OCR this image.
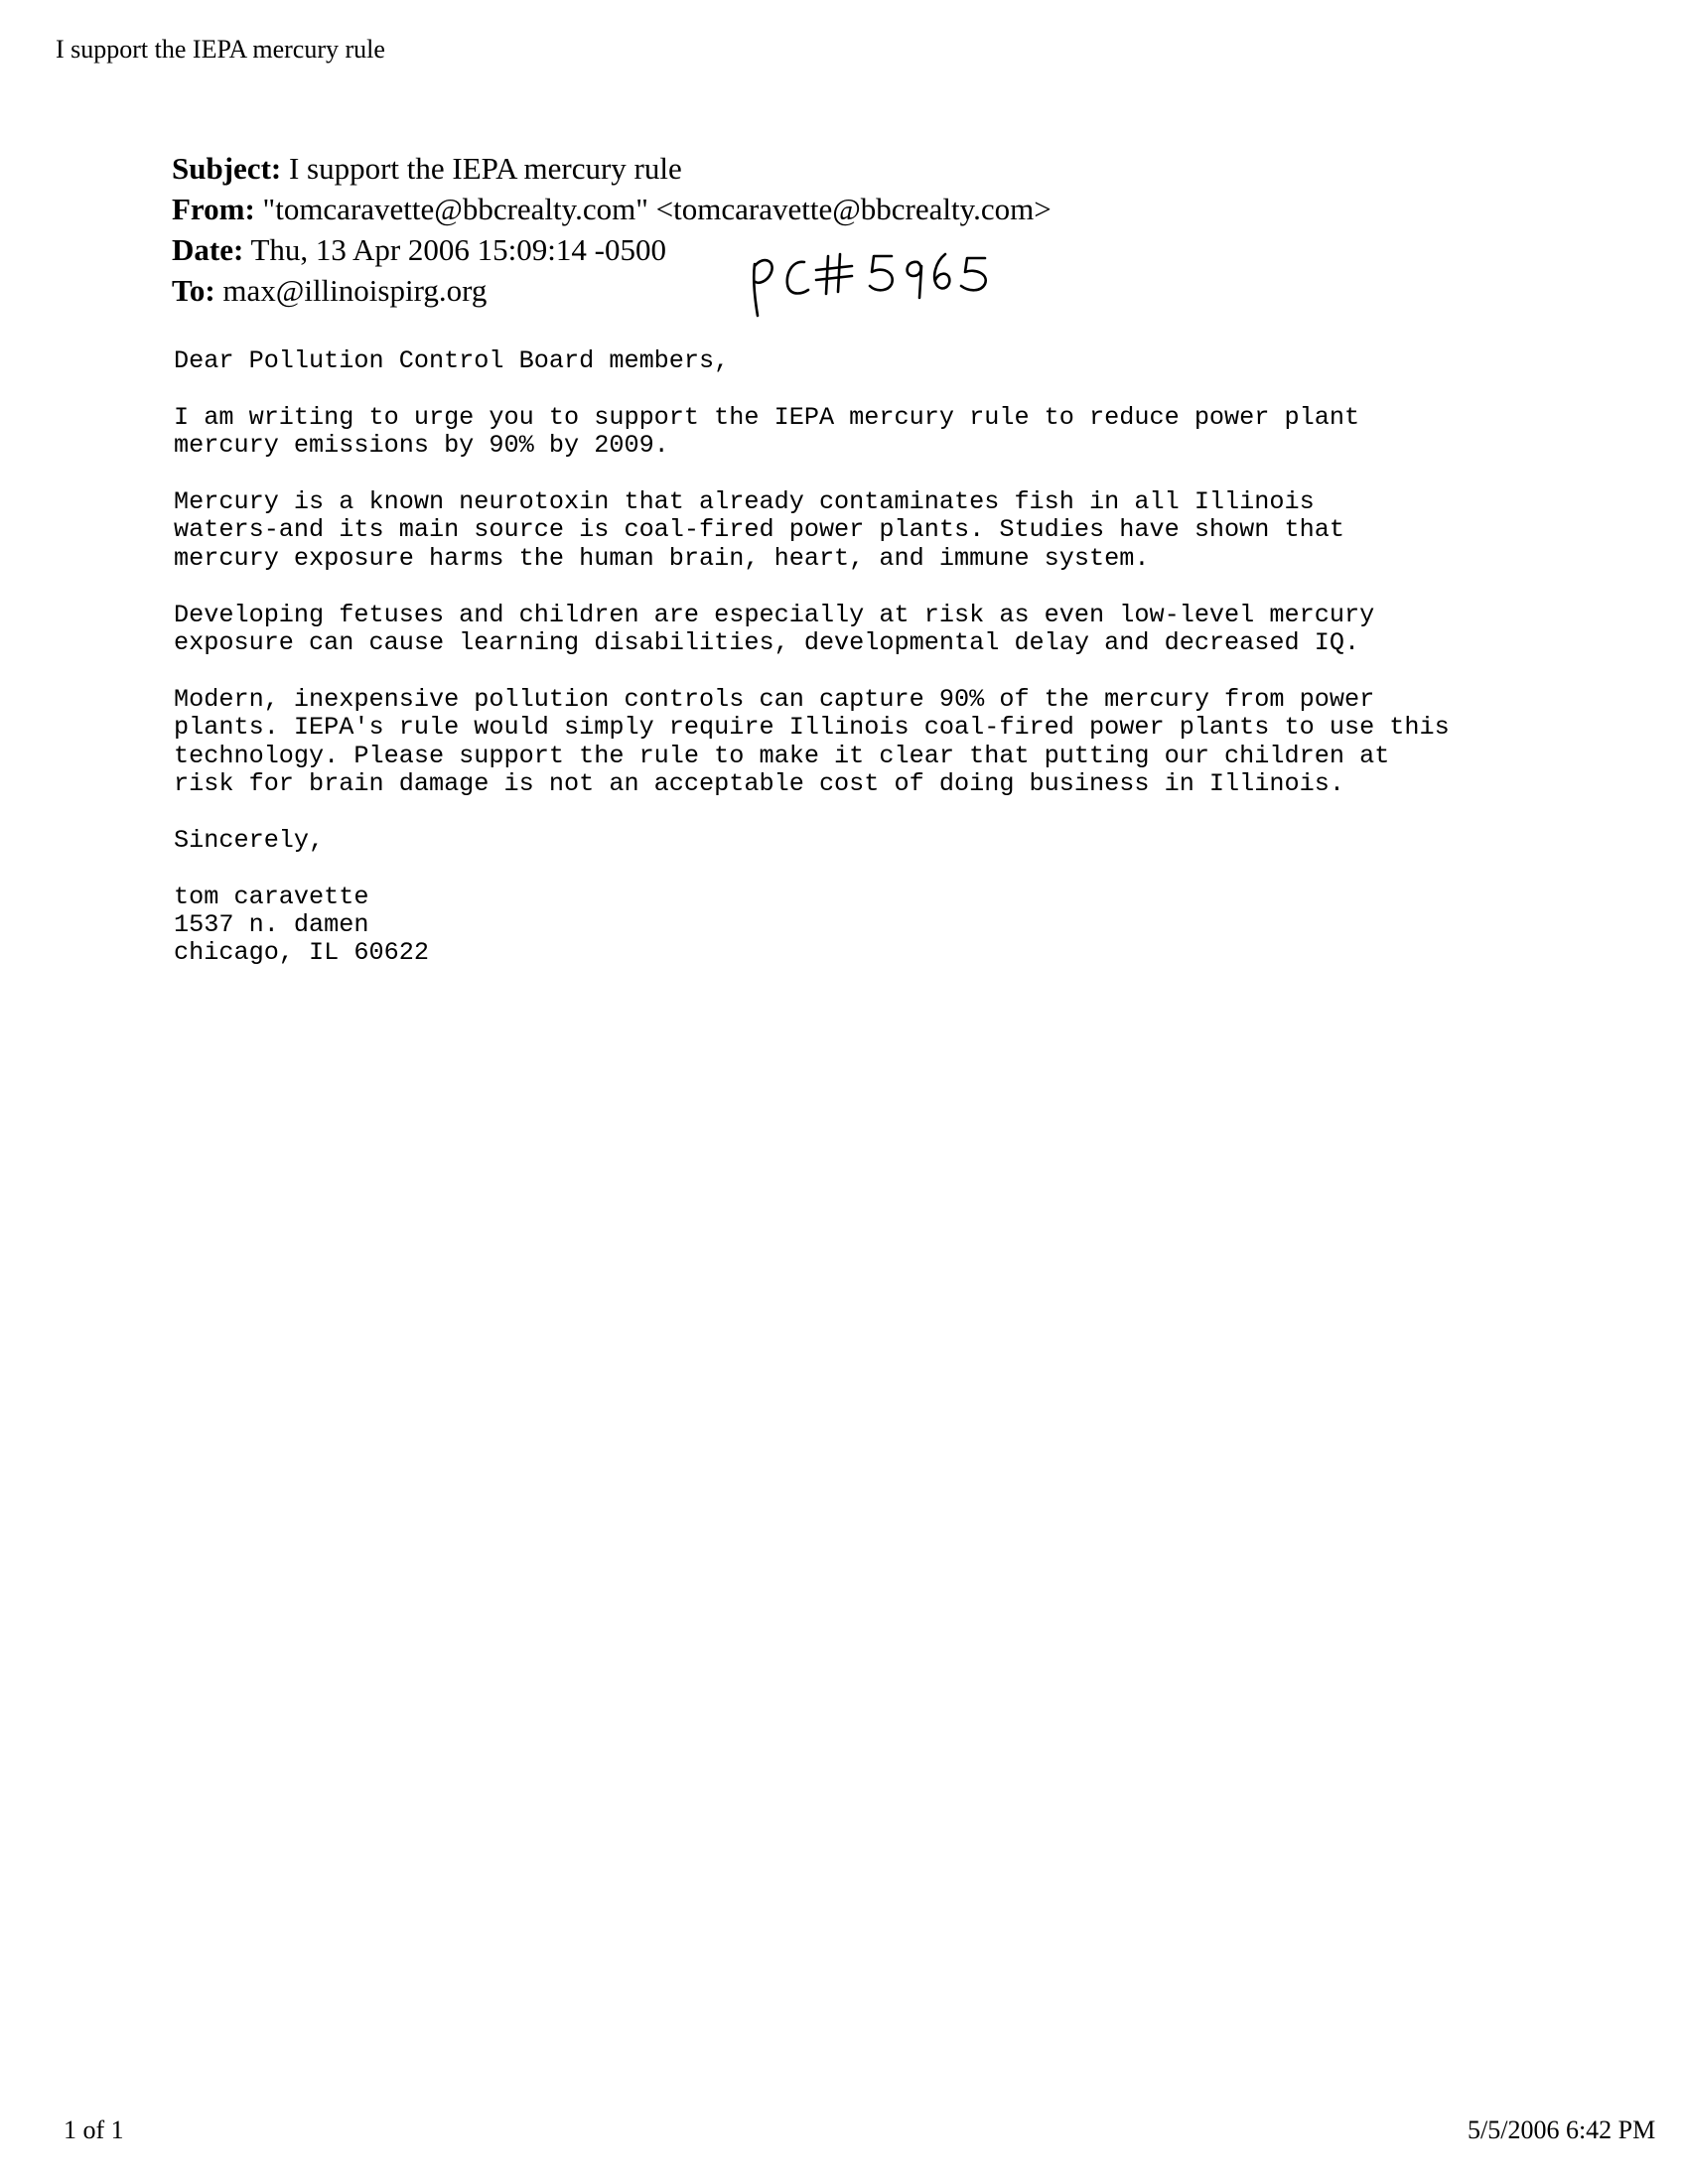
I support the IEPA mercury rule
Subject: I support the IEPA mercury rule
From: "tomcaravette@bbcrealty.com" <tomcaravette@bbcrealty.com>
Date: Thu, 13 Apr 2006 15:09:14 -0500
To: max@illinoispirg.org

Dear Pollution Control Board members,

I am writing to urge you to support the IEPA mercury rule to reduce power plant
mercury emissions by 90% by 2009.

Mercury is a known neurotoxin that already contaminates fish in all Illinois
waters-and its main source is coal-fired power plants. Studies have shown that
mercury exposure harms the human brain, heart, and immune system.

Developing fetuses and children are especially at risk as even low-level mercury
exposure can cause learning disabilities, developmental delay and decreased IQ.

Modern, inexpensive pollution controls can capture 90% of the mercury from power
plants. IEPA's rule would simply require Illinois coal-fired power plants to use this
technology. Please support the rule to make it clear that putting our children at
risk for brain damage is not an acceptable cost of doing business in Illinois.

Sincerely,

tom caravette

1537 n. damen

chicago, IL 60622

1 of 1	5/5/2006 6:42 PM
